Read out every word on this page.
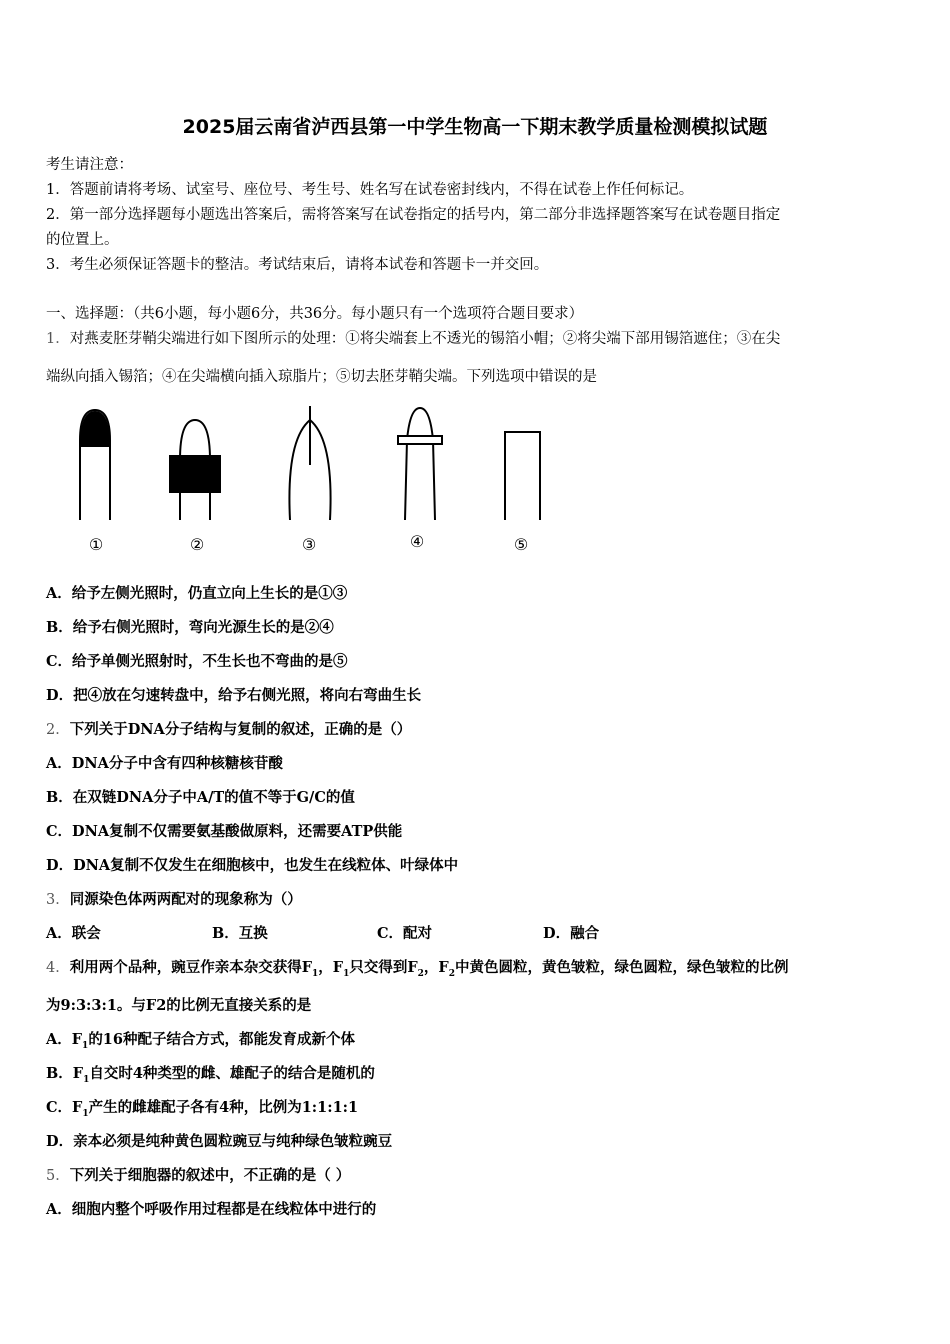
2025届云南省泸西县第一中学生物高一下期末教学质量检测模拟试题
考生请注意：
1．答题前请将考场、试室号、座位号、考生号、姓名写在试卷密封线内，不得在试卷上作任何标记。
2．第一部分选择题每小题选出答案后，需将答案写在试卷指定的括号内，第二部分非选择题答案写在试卷题目指定
的位置上。
3．考生必须保证答题卡的整洁。考试结束后，请将本试卷和答题卡一并交回。
一、选择题：（共6小题，每小题6分，共36分。每小题只有一个选项符合题目要求）
1．对燕麦胚芽鞘尖端进行如下图所示的处理：①将尖端套上不透光的锡箔小帽；②将尖端下部用锡箔遮住；③在尖
端纵向插入锡箔；④在尖端横向插入琼脂片；⑤切去胚芽鞘尖端。下列选项中错误的是
①	②	③	④	⑤
A．给予左侧光照时，仍直立向上生长的是①③
B．给予右侧光照时，弯向光源生长的是②④
C．给予单侧光照射时，不生长也不弯曲的是⑤
D．把④放在匀速转盘中，给予右侧光照，将向右弯曲生长
2．下列关于DNA分子结构与复制的叙述，正确的是（）
A．DNA分子中含有四种核糖核苷酸
B．在双链DNA分子中A/T的值不等于G/C的值
C．DNA复制不仅需要氨基酸做原料，还需要ATP供能
D．DNA复制不仅发生在细胞核中，也发生在线粒体、叶绿体中
3．同源染色体两两配对的现象称为（）
A．联会	B．互换	C．配对	D．融合
4．利用两个品种，豌豆作亲本杂交获得$F_1$，$F_1$只交得到$F_2$，$F_2$中黄色圆粒，黄色皱粒，绿色圆粒，绿色皱粒的比例
为9:3:3:1。与F2的比例无直接关系的是
A．$F_1$的16种配子结合方式，都能发育成新个体
B．$F_1$自交时4种类型的雌、雄配子的结合是随机的
C．$F_1$产生的雌雄配子各有4种，比例为1:1:1:1
D．亲本必须是纯种黄色圆粒豌豆与纯种绿色皱粒豌豆
5．下列关于细胞器的叙述中，不正确的是（ ）
A．细胞内整个呼吸作用过程都是在线粒体中进行的
